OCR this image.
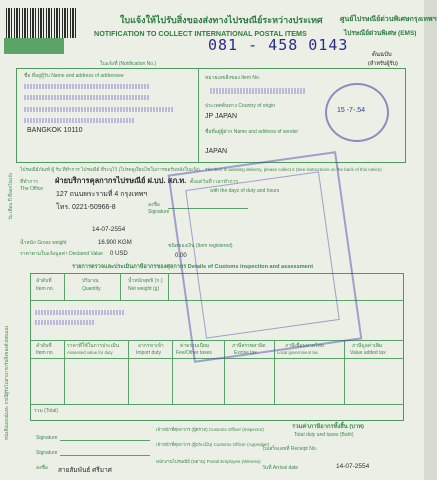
ใบแจ้งให้ไปรับสิ่งของส่งทางไปรษณีย์ระหว่างประเทศ
NOTIFICATION TO COLLECT INTERNATIONAL POSTAL ITEMS
ใบแจ้งที่ (Notification No.)
ศูนย์ไปรษณีย์ด่วนพิเศษกรุงเทพฯ
ไปรษณีย์ด่วนพิเศษ (EMS)
081 - 458 0143
ต้นฉบับ
(สำหรับผู้รับ)
ชื่อ ที่อยู่ผู้รับ Name and address of addressee
BANGKOK 10110
หมายเลขสิ่งของ Item No.
ประเทศต้นทาง Country of origin
JP JAPAN
ชื่อที่อยู่ผู้ฝาก Name and address of sender
JAPAN
15 -7-.54
ไปรษณีย์ภัณฑ์ ผู้ รับ ที่ทำการ ไปรษณีย์ ที่ระบุไว้ (โปรดดูเงื่อนไขในการขอรับหลังใบแจ้ง) The item is awaiting delivery, please collect it (See instructions on the back of this notice)
ที่ทำการ
The Office
ฝ่ายบริการคุลกากรไปรษณีย์ ฝ.บป. สภ.ท.
127 ถนนพระรามที่ 4 กรุงเทพฯ
โทร. 0221-50966-8
ตั้งแต่วันที่ เวลาทำการ
with the days of duty and hours
ลงชื่อ
Signature
วัน เดือน ปี ที่ออกใบแจ้ง
14-07-2554
น้ำหนัก Gross weight	16.900 KGM
ราคาตามใบแจ้งมูลค่า Declared Value 0 USD
ชนิดของเงิน (Item registered)
0.00
รายการตรวจและประเมินภาษีอากรของศุลกากร Details of Customs inspection and assessment
ลำดับที่
Item no.
ปริมาณ
Quantity
น้ำหนักสุทธิ (ก.)
Net weight (g)
ลำดับที่
Item no.
ราคาที่ใช้ในการประเมิน
Assessed value for duty
อากรขาเข้า
Import duty
ค่าธรรมเนียม
Fee/Other taxes
ภาษีสรรพสามิต
Excise tax
ภาษีเพื่อมหาดไทย
Local government tax
ภาษีมูลค่าเพิ่ม
Value added tax
รวม (Total)
รวมค่าภาษีอากรทั้งสิ้น (บาท)
Total duty and taxes (Baht)
Signature
เจ้าหน้าที่ศุลกากร (ผู้ตรวจ) Customs Officer (Inspector)
Signature
เจ้าหน้าที่ศุลกากร (ผู้ประเมิน) Customs Officer (Appraiser)
ลงชื่อ สายสัมพันธ์ ศรีมาศ
พนักงานไปรษณีย์ (พยาน) Postal Employee (Witness)
ใบเสร็จเลขที่ Receipt No.
วันที่ Arrival date	14-07-2554
หนังสือมอบฉันทะ กรณีผู้รับไม่สามารถรับสิ่งของด้วยตนเอง
